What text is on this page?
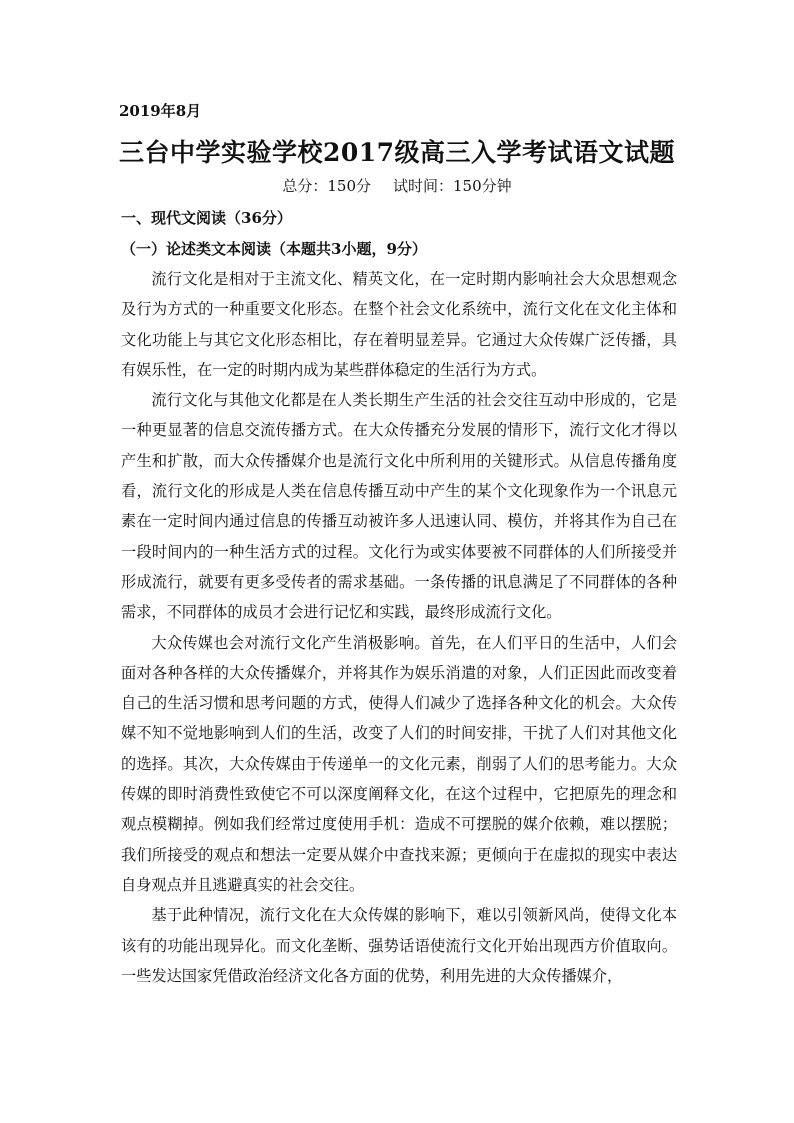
2019年8月
三台中学实验学校2017级高三入学考试语文试题
总分：150分 试时间：150分钟
一、现代文阅读（36分）
（一）论述类文本阅读（本题共3小题，9分）

流行文化是相对于主流文化、精英文化，在一定时期内影响社会大众思想观念及行为方式的一种重要文化形态。在整个社会文化系统中，流行文化在文化主体和文化功能上与其它文化形态相比，存在着明显差异。它通过大众传媒广泛传播，具有娱乐性，在一定的时期内成为某些群体稳定的生活行为方式。

流行文化与其他文化都是在人类长期生产生活的社会交往互动中形成的，它是一种更显著的信息交流传播方式。在大众传播充分发展的情形下，流行文化才得以产生和扩散，而大众传播媒介也是流行文化中所利用的关键形式。从信息传播角度看，流行文化的形成是人类在信息传播互动中产生的某个文化现象作为一个讯息元素在一定时间内通过信息的传播互动被许多人迅速认同、模仿，并将其作为自己在一段时间内的一种生活方式的过程。文化行为或实体要被不同群体的人们所接受并形成流行，就要有更多受传者的需求基础。一条传播的讯息满足了不同群体的各种需求，不同群体的成员才会进行记忆和实践，最终形成流行文化。

大众传媒也会对流行文化产生消极影响。首先，在人们平日的生活中，人们会面对各种各样的大众传播媒介，并将其作为娱乐消遣的对象，人们正因此而改变着自己的生活习惯和思考问题的方式，使得人们减少了选择各种文化的机会。大众传媒不知不觉地影响到人们的生活，改变了人们的时间安排，干扰了人们对其他文化的选择。其次，大众传媒由于传递单一的文化元素，削弱了人们的思考能力。大众传媒的即时消费性致使它不可以深度阐释文化，在这个过程中，它把原先的理念和观点模糊掉。例如我们经常过度使用手机：造成不可摆脱的媒介依赖，难以摆脱；我们所接受的观点和想法一定要从媒介中查找来源；更倾向于在虚拟的现实中表达自身观点并且逃避真实的社会交往。

基于此种情况，流行文化在大众传媒的影响下，难以引领新风尚，使得文化本该有的功能出现异化。而文化垄断、强势话语使流行文化开始出现西方价值取向。一些发达国家凭借政治经济文化各方面的优势，利用先进的大众传播媒介，
